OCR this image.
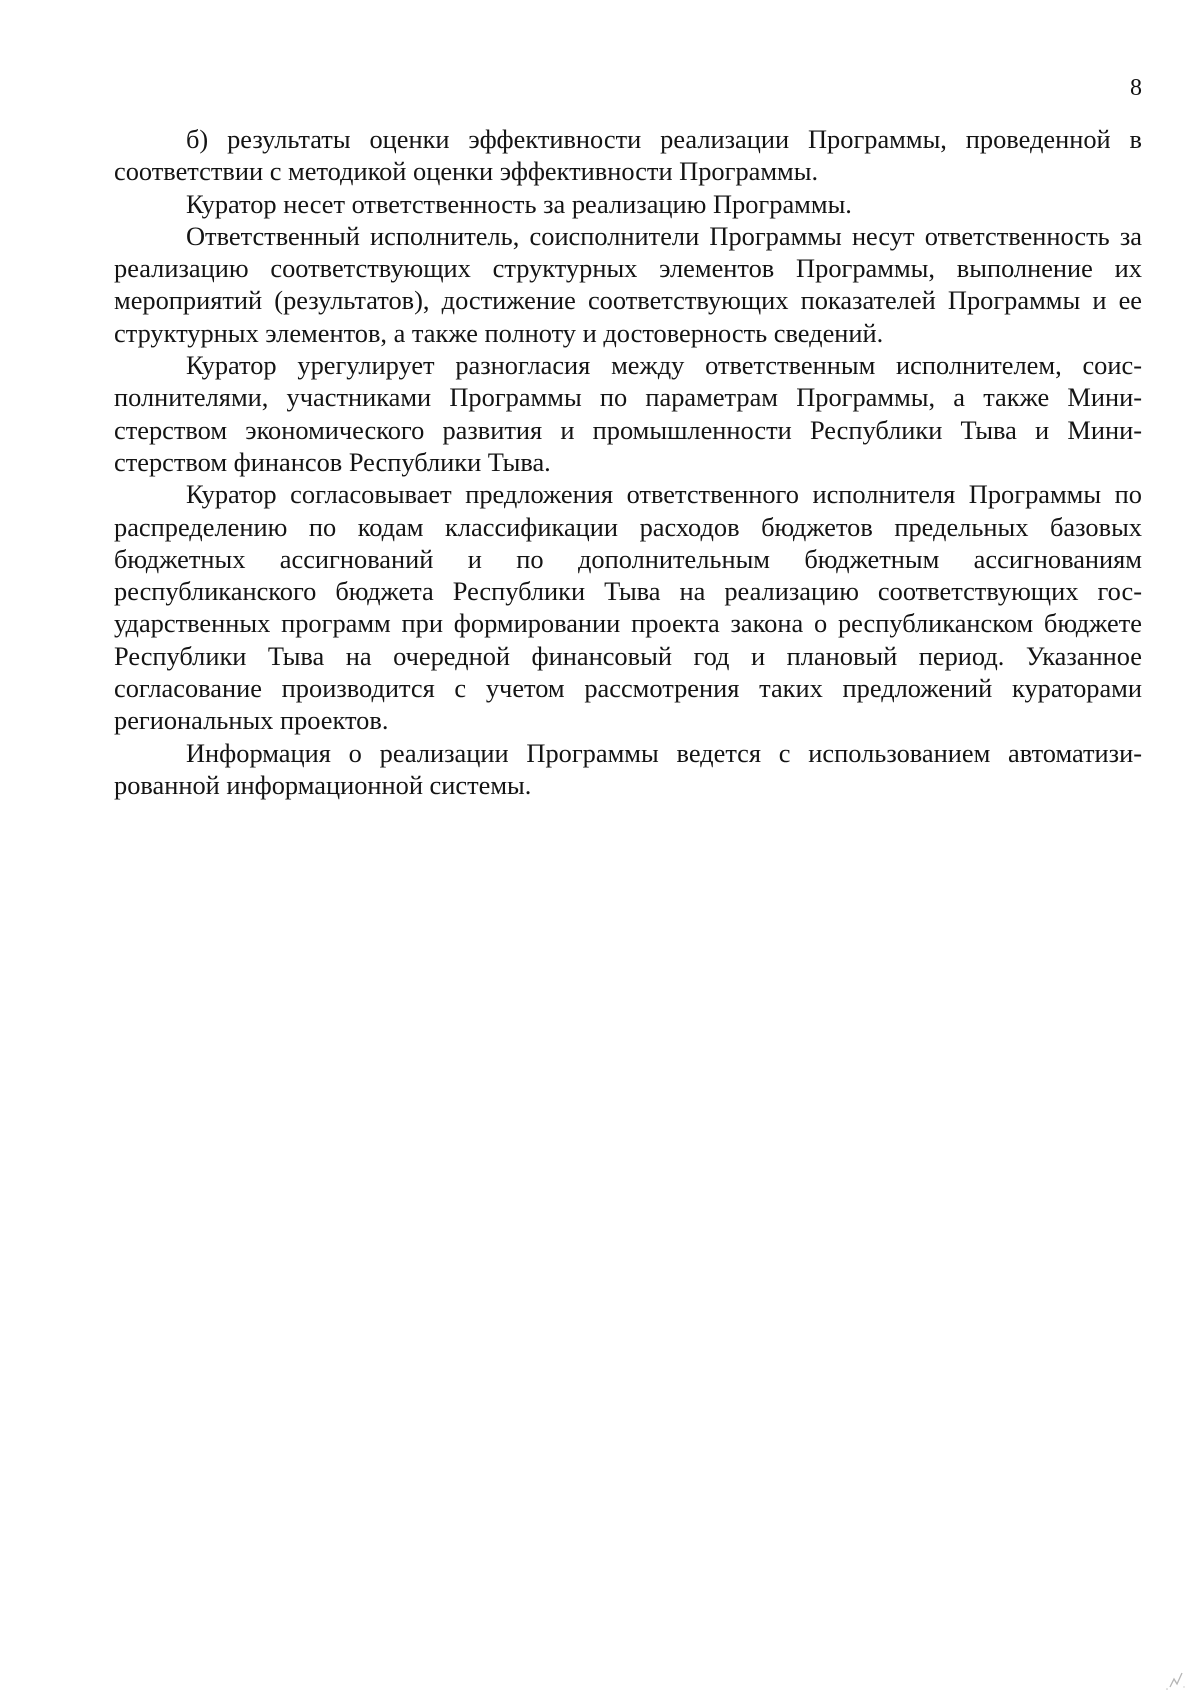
8

б) результаты оценки эффективности реализации Программы, проведенной в соответствии с методикой оценки эффективности Программы.

Куратор несет ответственность за реализацию Программы.

Ответственный исполнитель, соисполнители Программы несут ответственность за реализацию соответствующих структурных элементов Программы, выполнение их мероприятий (результатов), достижение соответствующих показателей Программы и ее структурных элементов, а также полноту и достоверность сведений.

Куратор урегулирует разногласия между ответственным исполнителем, соисполнителями, участниками Программы по параметрам Программы, а также Министерством экономического развития и промышленности Республики Тыва и Министерством финансов Республики Тыва.

Куратор согласовывает предложения ответственного исполнителя Программы по распределению по кодам классификации расходов бюджетов предельных базовых бюджетных ассигнований и по дополнительным бюджетным ассигнованиям республиканского бюджета Республики Тыва на реализацию соответствующих государственных программ при формировании проекта закона о республиканском бюджете Республики Тыва на очередной финансовый год и плановый период. Указанное согласование производится с учетом рассмотрения таких предложений кураторами региональных проектов.

Информация о реализации Программы ведется с использованием автоматизированной информационной системы.
